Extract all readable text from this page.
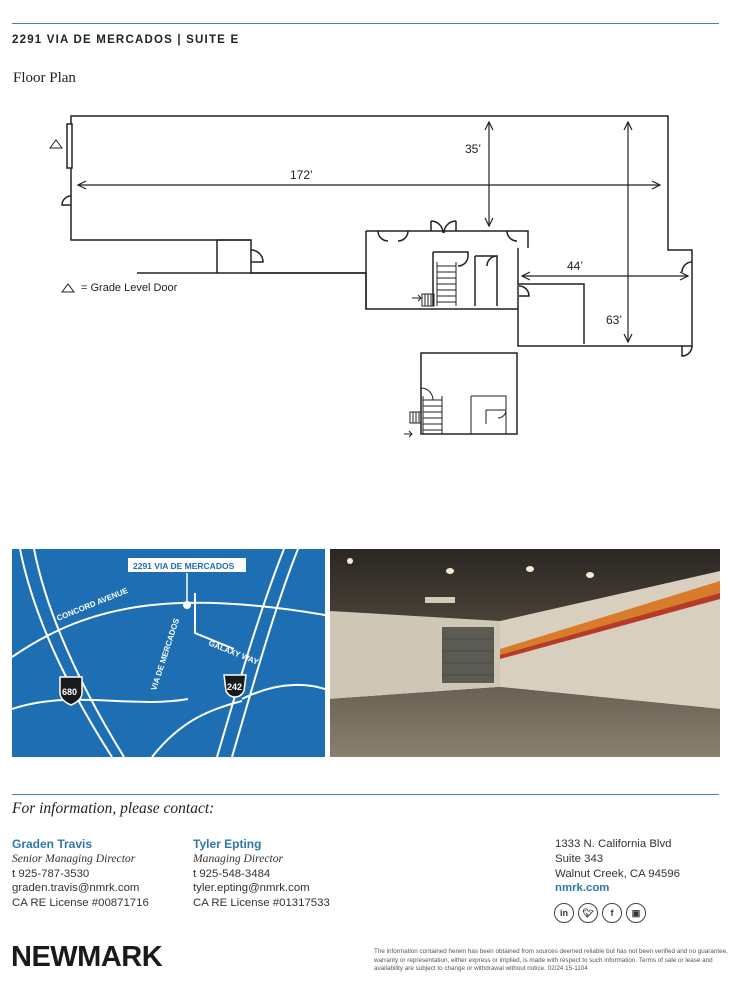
2291 VIA DE MERCADOS | SUITE E
Floor Plan
172’
35’
44’
63’
= Grade Level Door
2291 VIA DE MERCADOS
CONCORD AVENUE
VIA DE MERCADOS	GALAXY WAY
680	242
For information, please contact:
Graden Travis
Senior Managing Director
t 925-787-3530
graden.travis@nmrk.com
CA RE License #00871716
Tyler Epting
Managing Director
t 925-548-3484
tyler.epting@nmrk.com
CA RE License #01317533
1333 N. California Blvd
Suite 343
Walnut Creek, CA 94596
nmrk.com
in	🐦︎	f	▣
NEWMARK	The information contained herein has been obtained from sources deemed reliable but has not been verified and no guarantee, warranty or representation, either express or implied, is made with respect to such information. Terms of sale or lease and availability are subject to change or withdrawal without notice. 02/24 15-1104
